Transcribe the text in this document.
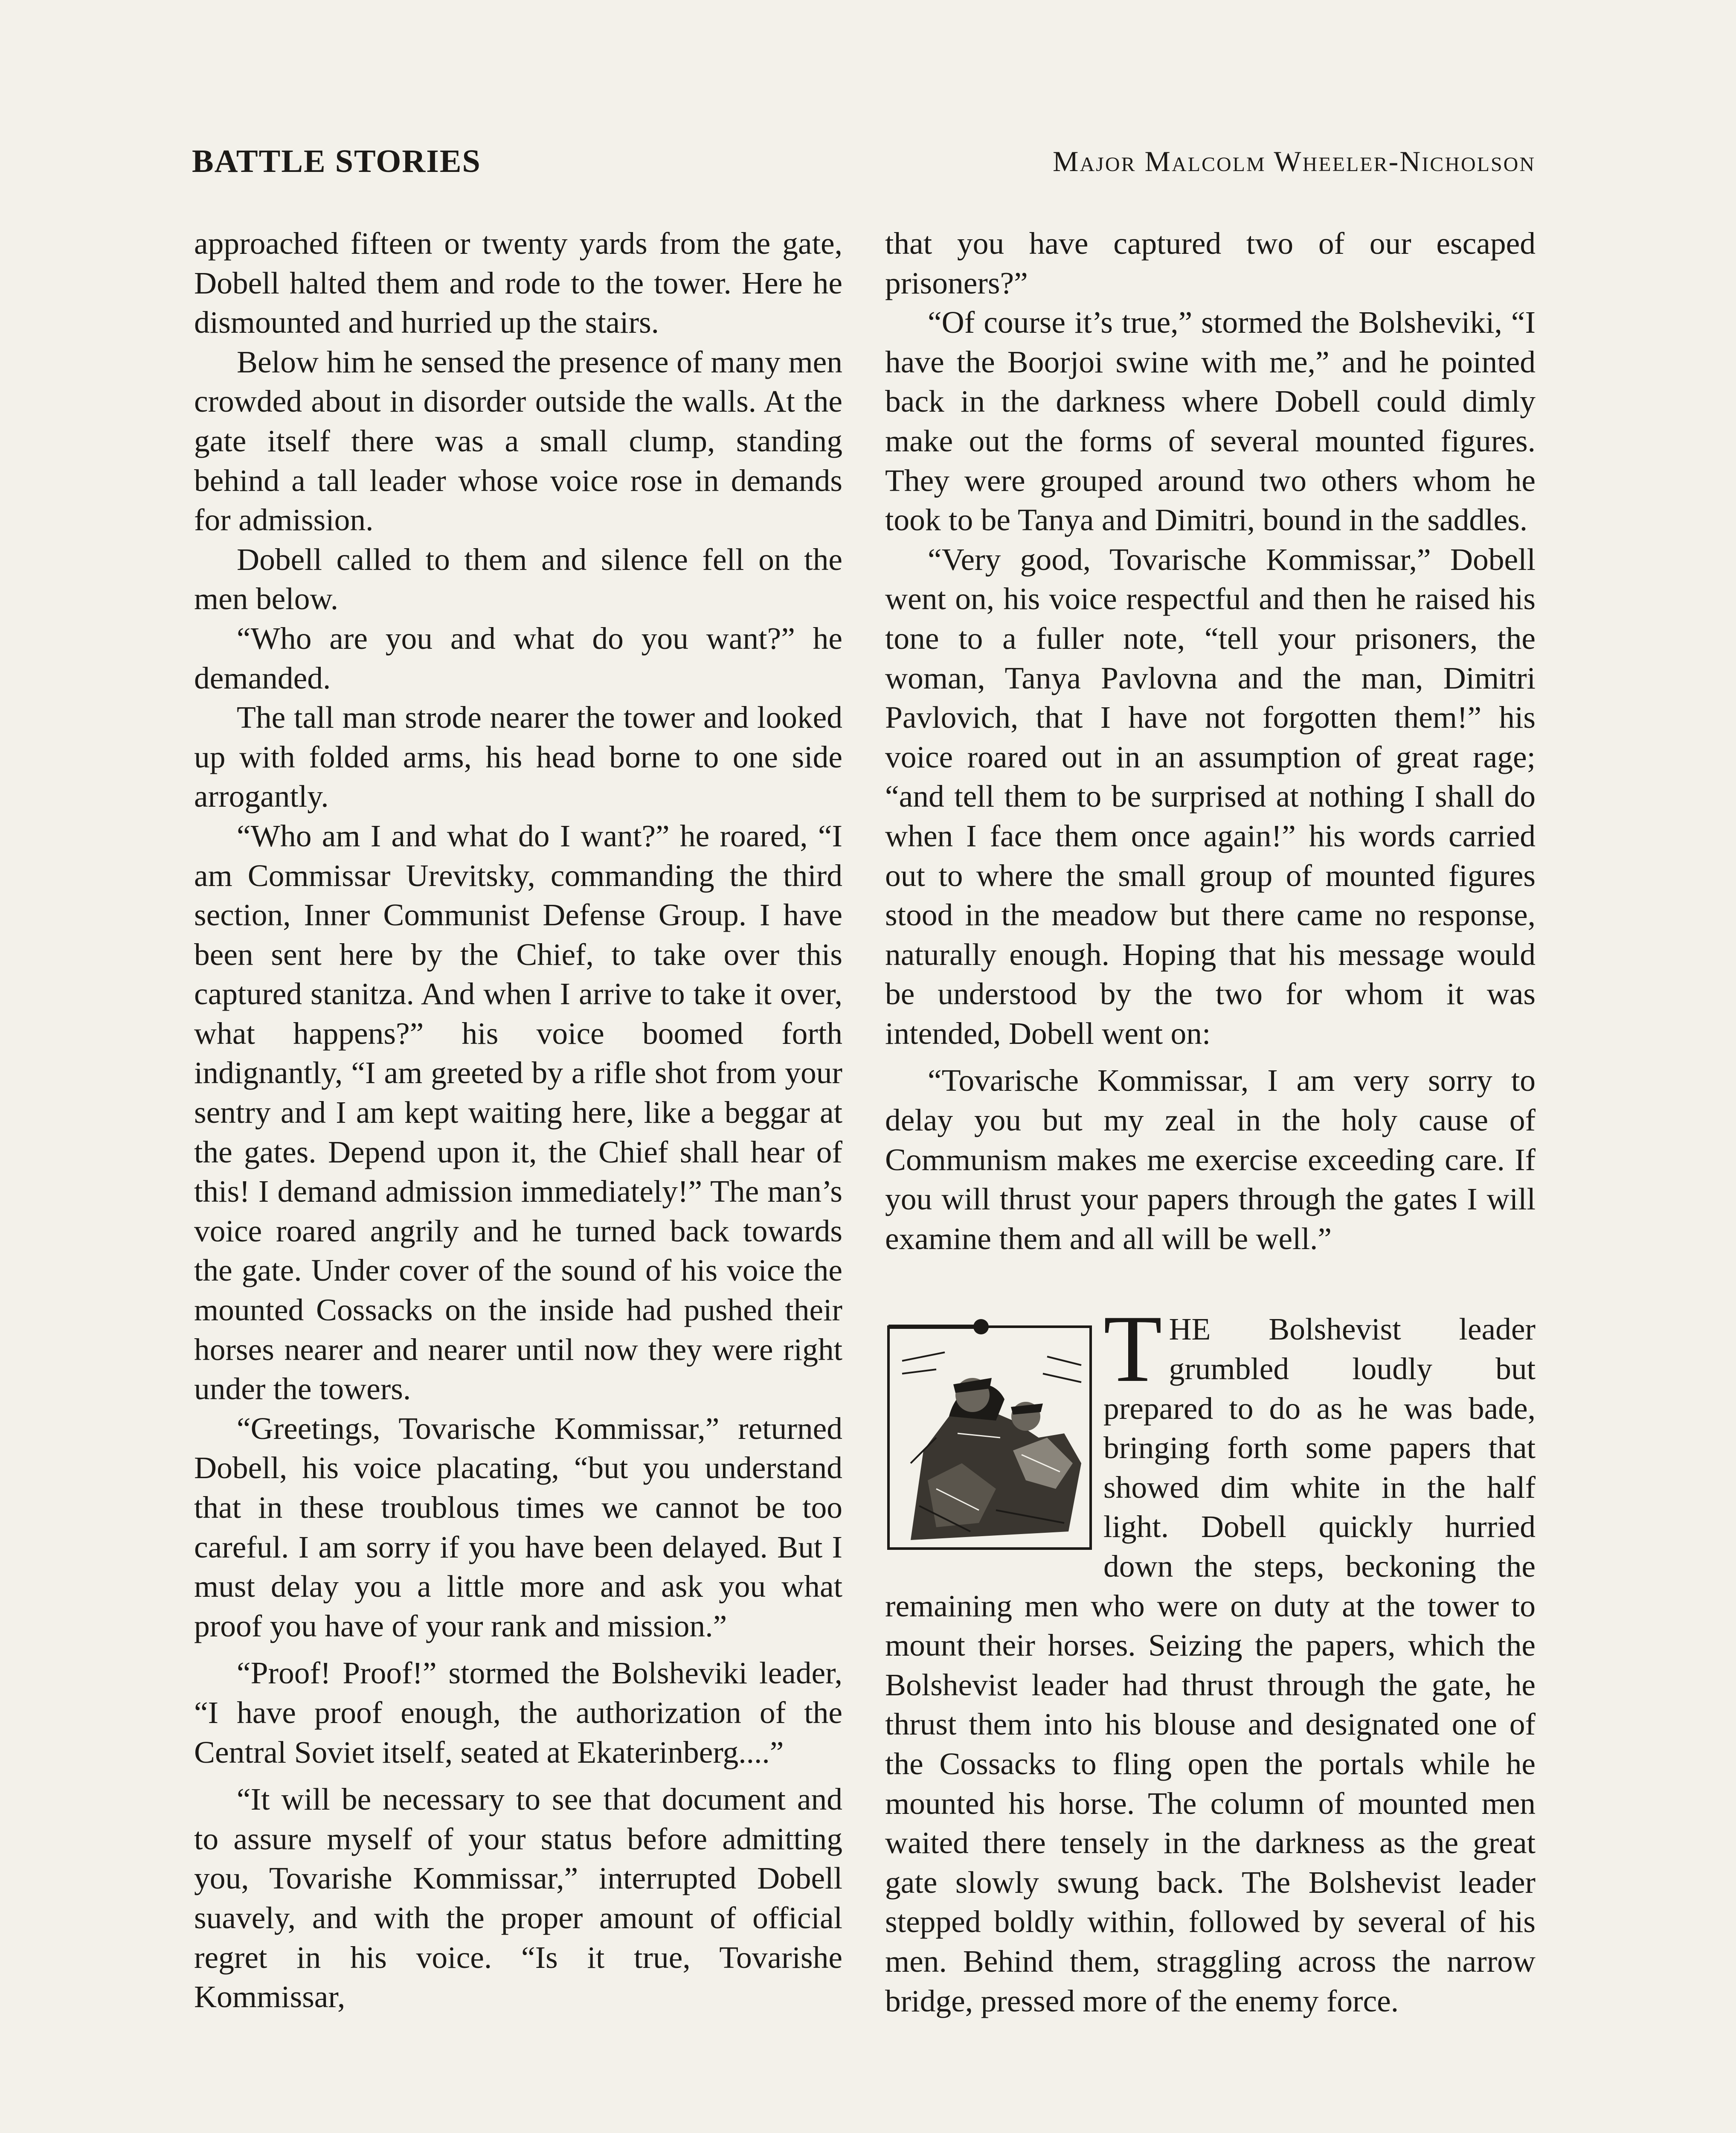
BATTLE STORIES	Major Malcolm Wheeler-Nicholson

approached fifteen or twenty yards from the gate, Dobell halted them and rode to the tower. Here he dismounted and hurried up the stairs.

Below him he sensed the presence of many men crowded about in disorder outside the walls. At the gate itself there was a small clump, standing behind a tall leader whose voice rose in demands for admission.

Dobell called to them and silence fell on the men below.

“Who are you and what do you want?” he demanded.

The tall man strode nearer the tower and looked up with folded arms, his head borne to one side arrogantly.

“Who am I and what do I want?” he roared, “I am Commissar Urevitsky, commanding the third section, Inner Communist Defense Group. I have been sent here by the Chief, to take over this captured stanitza. And when I arrive to take it over, what happens?” his voice boomed forth indignantly, “I am greeted by a rifle shot from your sentry and I am kept waiting here, like a beggar at the gates. Depend upon it, the Chief shall hear of this! I demand admission immediately!” The man’s voice roared angrily and he turned back towards the gate. Under cover of the sound of his voice the mounted Cossacks on the inside had pushed their horses nearer and nearer until now they were right under the towers.

“Greetings, Tovarische Kommissar,” returned Dobell, his voice placating, “but you understand that in these troublous times we cannot be too careful. I am sorry if you have been delayed. But I must delay you a little more and ask you what proof you have of your rank and mission.”

“Proof! Proof!” stormed the Bolsheviki leader, “I have proof enough, the authorization of the Central Soviet itself, seated at Ekaterinberg....”

“It will be necessary to see that document and to assure myself of your status before admitting you, Tovarishe Kommissar,” interrupted Dobell suavely, and with the proper amount of official regret in his voice. “Is it true, Tovarishe Kommissar,

that you have captured two of our escaped prisoners?”

“Of course it’s true,” stormed the Bolsheviki, “I have the Boorjoi swine with me,” and he pointed back in the darkness where Dobell could dimly make out the forms of several mounted figures. They were grouped around two others whom he took to be Tanya and Dimitri, bound in the saddles.

“Very good, Tovarische Kommissar,” Dobell went on, his voice respectful and then he raised his tone to a fuller note, “tell your prisoners, the woman, Tanya Pavlovna and the man, Dimitri Pavlovich, that I have not forgotten them!” his voice roared out in an assumption of great rage; “and tell them to be surprised at nothing I shall do when I face them once again!” his words carried out to where the small group of mounted figures stood in the meadow but there came no response, naturally enough. Hoping that his message would be understood by the two for whom it was intended, Dobell went on:

“Tovarische Kommissar, I am very sorry to delay you but my zeal in the holy cause of Communism makes me exercise exceeding care. If you will thrust your papers through the gates I will examine them and all will be well.”

THE Bolshevist leader grumbled loudly but prepared to do as he was bade, bringing forth some papers that showed dim white in the half light. Dobell quickly hurried down the steps, beckoning the remaining men who were on duty at the tower to mount their horses. Seizing the papers, which the Bolshevist leader had thrust through the gate, he thrust them into his blouse and designated one of the Cossacks to fling open the portals while he mounted his horse. The column of mounted men waited there tensely in the darkness as the great gate slowly swung back. The Bolshevist leader stepped boldly within, followed by several of his men. Behind them, straggling across the narrow bridge, pressed more of the enemy force.
